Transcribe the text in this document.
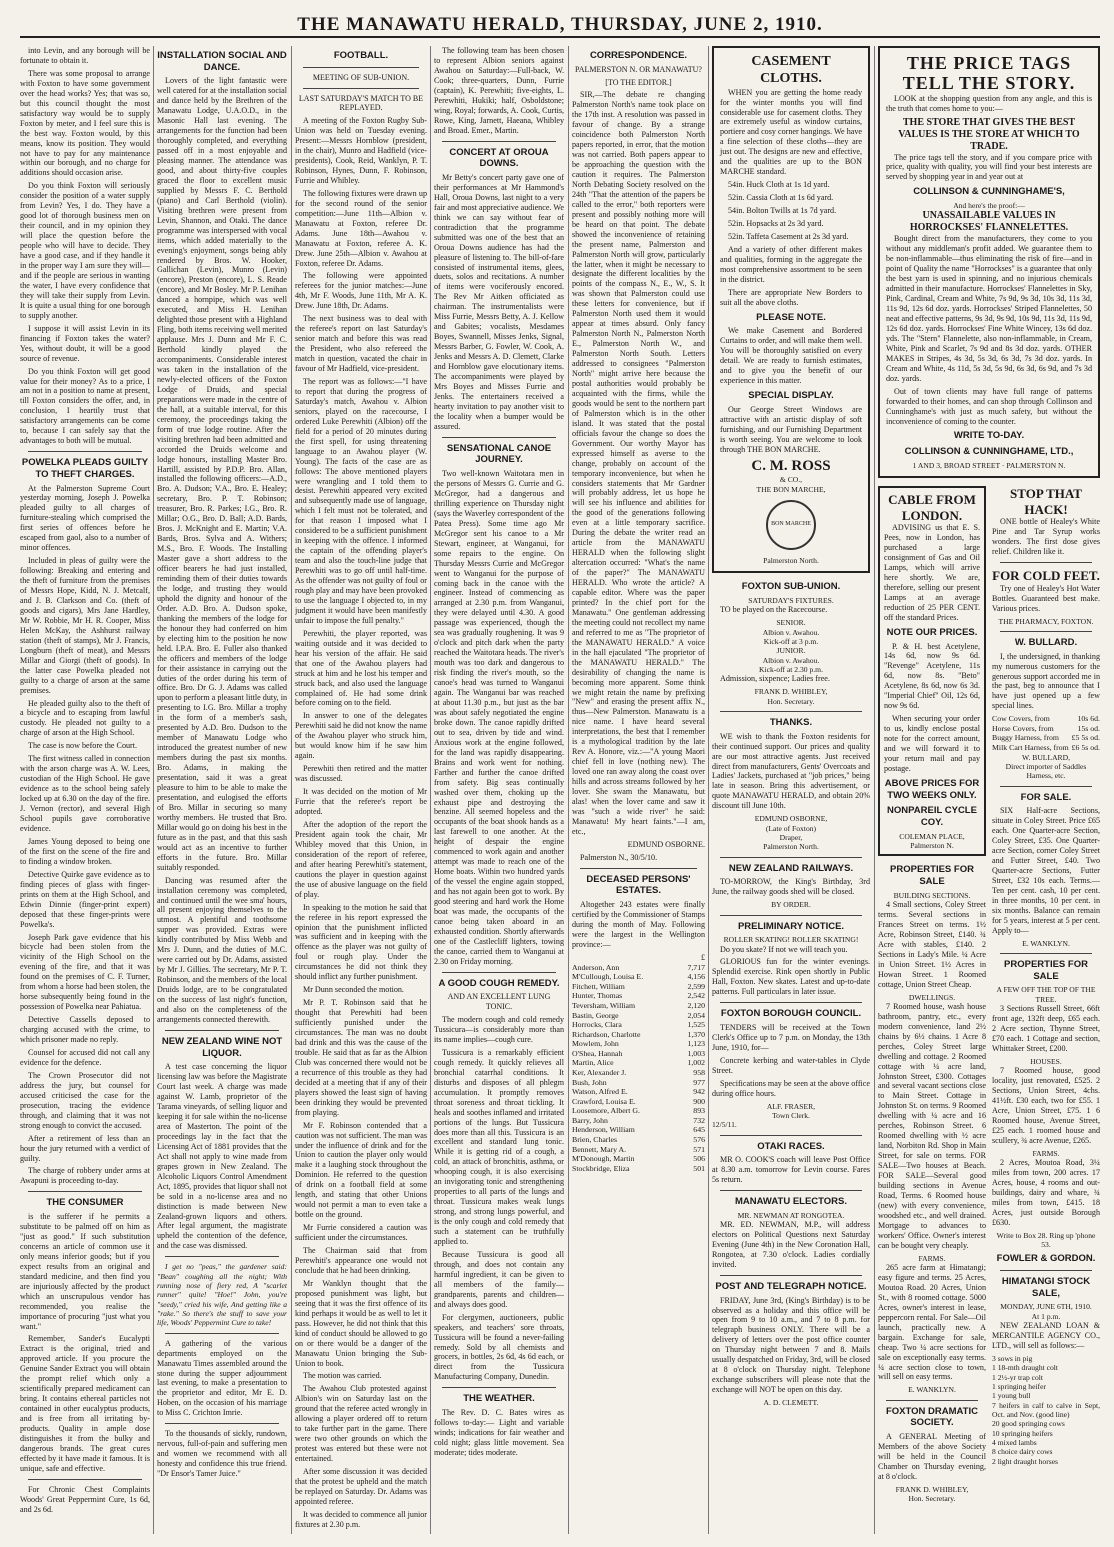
THE MANAWATU HERALD, THURSDAY, JUNE 2, 1910.

into Levin, and any borough will be fortunate to obtain it.

There was some proposal to arrange with Foxton to have some government over the head works? Yes; that was so, but this council thought the most satisfactory way would be to supply Foxton by meter, and I feel sure this is the best way. Foxton would, by this means, know its position. They would not have to pay for any maintenance within our borough, and no charge for additions should occasion arise.

Do you think Foxton will seriously consider the position of a water supply from Levin? Yes, I do. They have a good lot of thorough business men on their council, and in my opinion they will place the question before the people who will have to decide. They have a good case, and if they handle it in the proper way I am sure they will—and if the people are serious in wanting the water, I have every confidence that they will take their supply from Levin. It is quite a usual thing for one borough to supply another.

I suppose it will assist Levin in its financing if Foxton takes the water? Yes, without doubt, it will be a good source of revenue.

Do you think Foxton will get good value for their money? As to a price, I am not in a position to name at present, till Foxton considers the offer, and, in conclusion, I heartily trust that satisfactory arrangements can be come to, because I can safely say that the advantages to both will be mutual.

POWELKA PLEADS GUILTY TO THEFT CHARGES.

At the Palmerston Supreme Court yesterday morning, Joseph J. Powelka pleaded guilty to all charges of furniture-stealing which comprised the first series of offences before he escaped from gaol, also to a number of minor offences.

Included in pleas of guilty were the following: Breaking and entering and the theft of furniture from the premises of Messrs Hope, Kidd, N. J. Metcalf, and J. B. Clarkson and Co. (theft of goods and cigars), Mrs Jane Hardley, Mr W. Robbie, Mr H. R. Cooper, Miss Helen McKay, the Ashhurst railway station (theft of stamps), Mr J. Francis, Longburn (theft of meat), and Messrs Millar and Giorgi (theft of goods). In the latter case Powelka pleaded not guilty to a charge of arson at the same premises.

He pleaded guilty also to the theft of a bicycle and to escaping from lawful custody. He pleaded not guilty to a charge of arson at the High School.

The case is now before the Court.

The first witness called in connection with the arson charge was A. W. Lees, custodian of the High School. He gave evidence as to the school being safely locked up at 6.30 on the day of the fire. J. Vernon (rector), and several High School pupils gave corroborative evidence.

James Young deposed to being one of the first on the scene of the fire and to finding a window broken.

Detective Quirke gave evidence as to finding pieces of glass with finger-prints on them at the High School, and Edwin Dinnie (finger-print expert) deposed that these finger-prints were Powelka's.

Joseph Park gave evidence that his bicycle had been stolen from the vicinity of the High School on the evening of the fire, and that it was found on the premises of C. F. Turner, from whom a horse had been stolen, the horse subsequently being found in the possession of Powelka near Pahiatua.

Detective Cassells deposed to charging accused with the crime, to which prisoner made no reply.

Counsel for accused did not call any evidence for the defence.

The Crown Prosecutor did not address the jury, but counsel for accused criticised the case for the prosecution, tracing the evidence through, and claiming that it was not strong enough to convict the accused.

After a retirement of less than an hour the jury returned with a verdict of guilty.

The charge of robbery under arms at Awapuni is proceeding to-day.

THE CONSUMER

is the sufferer if he permits a substitute to be palmed off on him as "just as good." If such substitution concerns an article of common use it only means inferior goods; but if you expect results from an original and standard medicine, and then find you are injuriously affected by the product which an unscrupulous vendor has recommended, you realise the importance of procuring "just what you want."

Remember, Sander's Eucalypti Extract is the original, tried and approved article. If you procure the Genuine Sander Extract you will obtain the prompt relief which only a scientifically prepared medicament can bring. It contains ethereal particles not contained in other eucalyptus products, and is free from all irritating by-products. Quality in ample dose distinguishes it from the bulky and dangerous brands. The great cures effected by it have made it famous. It is unique, safe and effective.

For Chronic Chest Complaints Woods' Great Peppermint Cure, 1s 6d, and 2s 6d.

INSTALLATION SOCIAL AND DANCE.

Lovers of the light fantastic were well catered for at the installation social and dance held by the Brethren of the Manawatu Lodge, U.A.O.D., in the Masonic Hall last evening. The arrangements for the function had been thoroughly completed, and everything passed off in a most enjoyable and pleasing manner. The attendance was good, and about thirty-five couples graced the floor to excellent music supplied by Messrs F. C. Berthold (piano) and Carl Berthold (violin). Visiting brethren were present from Levin, Shannon, and Otaki. The dance programme was interspersed with vocal items, which added materially to the evening's enjoyment, songs being ably rendered by Bros. W. Hooker, Gallichan (Levin), Munro (Levin) (encore), Preston (encore), L. S. Reade (encore), and Mr Bosley. Mr P. Lenihan danced a hornpipe, which was well executed, and Miss H. Lenihan delighted those present with a Highland Fling, both items receiving well merited applause. Mrs J. Dunn and Mr F. C. Berthold kindly played the accompaniments. Considerable interest was taken in the installation of the newly-elected officers of the Foxton Lodge of Druids, and special preparations were made in the centre of the hall, at a suitable interval, for this ceremony, the proceedings taking the form of true lodge routine. After the visiting brethren had been admitted and accorded the Druids welcome and lodge honours, installing Master Bro. Hartill, assisted by P.D.P. Bro. Allan, installed the following officers:—A.D., Bro. A. Dudson; V.A., Bro. E. Healey; secretary, Bro. P. T. Robinson; treasurer, Bro. R. Parkes; I.G., Bro. R. Millar; O.G., Bro. D. Ball; A.D. Bards, Bros. J. McKnight and E. Martin; V.A. Bards, Bros. Sylva and A. Withers; M.S., Bro. F. Woods. The Installing Master gave a short address to the officer bearers he had just installed, reminding them of their duties towards the lodge, and trusting they would uphold the dignity and honour of the Order. A.D. Bro. A. Dudson spoke, thanking the members of the lodge for the honour they had conferred on him by electing him to the position he now held. I.P.A. Bro. E. Fuller also thanked the officers and members of the lodge for their assistance in carrying out the duties of the order during his term of office. Bro. Dr G. J. Adams was called upon to perform a pleasant little duty, in presenting to I.G. Bro. Millar a trophy in the form of a member's sash, presented by A.D. Bro. Dudson to the member of Manawatu Lodge who introduced the greatest number of new members during the past six months. Bro. Adams, in making the presentation, said it was a great pleasure to him to be able to make the presentation, and eulogised the efforts of Bro. Millar in securing so many worthy members. He trusted that Bro. Millar would go on doing his best in the future as in the past, and that this sash would act as an incentive to further efforts in the future. Bro. Millar suitably responded.

Dancing was resumed after the installation ceremony was completed, and continued until the wee sma' hours, all present enjoying themselves to the utmost. A plentiful and toothsome supper was provided. Extras were kindly contributed by Miss Webb and Mrs J. Dunn, and the duties of M.C. were carried out by Dr. Adams, assisted by Mr J. Gillies. The secretary, Mr P. T. Robinson, and the members of the local Druids lodge, are to be congratulated on the success of last night's function, and also on the completeness of the arrangements connected therewith.

NEW ZEALAND WINE NOT LIQUOR.

A test case concerning the liquor licensing law was before the Magistrate Court last week. A charge was made against W. Lamb, proprietor of the Tarama vineyards, of selling liquor and keeping it for sale within the no-license area of Masterton. The point of the proceedings lay in the fact that the Licensing Act of 1881 provides that the Act shall not apply to wine made from grapes grown in New Zealand. The Alcoholic Liquors Control Amendment Act, 1895, provides that liquor shall not be sold in a no-license area and no distinction is made between New Zealand-grown liquors and others. After legal argument, the magistrate upheld the contention of the defence, and the case was dismissed.

I get no "peas," the gardener said: "Bean" coughing all the night; With running nose of fiery red, A "scarlet runner" quite! "Hoe!" John, you're "seedy," cried his wife, And getting like a "rake." So there's the stuff to save your life, Woods' Peppermint Cure to take!

A gathering of the various departments employed on the Manawatu Times assembled around the stone during the supper adjournment last evening, to make a presentation to the proprietor and editor, Mr E. D. Hoben, on the occasion of his marriage to Miss C. Crichton Imrie.

To the thousands of sickly, rundown, nervous, full-of-pain and suffering men and women we recommend with all honesty and confidence this true friend. "Dr Ensor's Tamer Juice."

FOOTBALL.
MEETING OF SUB-UNION.
LAST SATURDAY'S MATCH TO BE REPLAYED.

A meeting of the Foxton Rugby Sub-Union was held on Tuesday evening. Present:—Messrs Hornblow (president, in the chair), Munro and Hadfield (vice-presidents), Cook, Reid, Wanklyn, P. T. Robinson, Hynes, Dunn, F. Robinson, Furrie and Whibley.

The following fixtures were drawn up for the second round of the senior competition:—June 11th—Albion v. Manawatu at Foxton, referee Dr. Adams. June 18th—Awahou v. Manawatu at Foxton, referee A. K. Drew. June 25th—Albion v. Awahou at Foxton, referee Dr. Adams.

The following were appointed referees for the junior matches:—June 4th, Mr F. Woods, June 11th, Mr A. K. Drew. June 18th, Dr. Adams.

The next business was to deal with the referee's report on last Saturday's senior match and before this was read the President, who also refereed the match in question, vacated the chair in favour of Mr Hadfield, vice-president.

The report was as follows:—"I have to report that during the progress of Saturday's match, Awahou v. Albion seniors, played on the racecourse, I ordered Luke Perewhiti (Albion) off the field for a period of 20 minutes during the first spell, for using threatening language to an Awahou player (W. Young). The facts of the case are as follows: The above mentioned players were wrangling and I told them to desist. Perewhiti appeared very excited and subsequently made use of language, which I felt must not be tolerated, and for that reason I imposed what I considered to be a sufficient punishment in keeping with the offence. I informed the captain of the offending player's team and also the touch-line judge that Perewhiti was to go off until half-time. As the offender was not guilty of foul or rough play and may have been provoked to use the language I objected to, in my judgment it would have been manifestly unfair to impose the full penalty."

Perewhiti, the player reported, was waiting outside and it was decided to hear his version of the affair. He said that one of the Awahou players had struck at him and he lost his temper and struck back, and also used the language complained of. He had some drink before coming on to the field.

In answer to one of the delegates Perewhiti said he did not know the name of the Awahou player who struck him, but would know him if he saw him again.

Perewhiti then retired and the matter was discussed.

It was decided on the motion of Mr Furrie that the referee's report be adopted.

After the adoption of the report the President again took the chair, Mr Whibley moved that this Union, in consideration of the report of referee, and after hearing Perewhiti's statement, cautions the player in question against the use of abusive language on the field of play.

In speaking to the motion he said that the referee in his report expressed the opinion that the punishment inflicted was sufficient and in keeping with the offence as the player was not guilty of foul or rough play. Under the circumstances he did not think they should inflict any further punishment.

Mr Dunn seconded the motion.

Mr P. T. Robinson said that he thought that Perewhiti had been sufficiently punished under the circumstances. The man was no doubt bad drink and this was the cause of the trouble. He said that as far as the Albion Club was concerned there would not be a recurrence of this trouble as they had decided at a meeting that if any of their players showed the least sign of having been drinking they would be prevented from playing.

Mr F. Robinson contended that a caution was not sufficient. The man was under the influence of drink and for the Union to caution the player only would make it a laughing stock throughout the Dominion. He referred to the question of drink on a football field at some length, and stating that other Unions would not permit a man to even take a bottle on the ground.

Mr Furrie considered a caution was sufficient under the circumstances.

The Chairman said that from Perewhiti's appearance one would not conclude that he had been drinking.

Mr Wanklyn thought that the proposed punishment was light, but seeing that it was the first offence of its kind perhaps it would be as well to let it pass. However, he did not think that this kind of conduct should be allowed to go on or there would be a danger of the Manawatu Union bringing the Sub-Union to book.

The motion was carried.

The Awahou Club protested against Albion's win on Saturday last on the ground that the referee acted wrongly in allowing a player ordered off to return to take further part in the game. There were two other grounds on which the protest was entered but these were not entertained.

After some discussion it was decided that the protest be upheld and the match be replayed on Saturday. Dr. Adams was appointed referee.

It was decided to commence all junior fixtures at 2.30 p.m.

The following team has been chosen to represent Albion seniors against Awahou on Saturday:—Full-back, W. Cook; three-quarters, Dunn, Furrie (captain), K. Perewhiti; five-eights, L. Perewhiti, Hukiki; half, Osboldstone; wing, Royal; forwards, A. Cook, Curtis, Rowe, King, Jarnett, Haeana, Whibley and Broad. Emer., Martin.

CONCERT AT OROUA DOWNS.

Mr Betty's concert party gave one of their performances at Mr Hammond's Hall, Oroua Downs, last night to a very fair and most appreciative audience. We think we can say without fear of contradiction that the programme submitted was one of the best that an Oroua Downs audience has had the pleasure of listening to. The bill-of-fare consisted of instrumental items, glees, duets, solos and recitations. A number of items were vociferously encored. The Rev Mr Aitken officiated as chairman. The instrumentalists were Miss Furrie, Messrs Betty, A. J. Kellow and Gabites; vocalists, Mesdames Boyes, Swannell, Misses Jenks, Signal, Messrs Barber, G. Fowler, W. Cook, A. Jenks and Messrs A. D. Clemett, Clarke and Hornblow gave elocutionary items. The accompaniments were played by Mrs Boyes and Misses Furrie and Jenks. The entertainers received a hearty invitation to pay another visit to the locality when a bumper would be assured.

SENSATIONAL CANOE JOURNEY.

Two well-known Waitotara men in the persons of Messrs G. Currie and G. McGregor, had a dangerous and thrilling experience on Thursday night (says the Waverley correspondent of the Patea Press). Some time ago Mr McGregor sent his canoe to a Mr Stewart, engineer, at Wanganui, for some repairs to the engine. On Thursday Messrs Currie and McGregor went to Wanganui for the purpose of coming back in the canoe with the engineer. Instead of commencing as arranged at 2.30 p.m. from Wanganui, they were delayed until 4.30. A good passage was experienced, though the sea was gradually roughening. It was 9 o'clock and pitch dark when the party reached the Waitotara heads. The river's mouth was too dark and dangerous to risk finding the river's mouth, so the canoe's head was turned to Wanganui again. The Wanganui bar was reached at about 11.30 p.m., but just as the bar was about safely negotiated the engine broke down. The canoe rapidly drifted out to sea, driven by tide and wind. Anxious work at the engine followed, for the land was rapidly disappearing. Brains and work went for nothing. Farther and further the canoe drifted from safety. Big seas continually washed over them, choking up the exhaust pipe and destroying the benzine. All seemed hopeless and the occupants of the boat shook hands as a last farewell to one another. At the height of despair the engine commenced to work again and another attempt was made to reach one of the Home boats. Within two hundred yards of the vessel the engine again stopped, and has not again been got to work. By good steering and hard work the Home boat was made, the occupants of the canoe being taken aboard in an exhausted condition. Shortly afterwards one of the Castlecliff lighters, towing the canoe, carried them to Wanganui at 2.30 on Friday morning.

A GOOD COUGH REMEDY.
AND AN EXCELLENT LUNG TONIC.

The modern cough and cold remedy Tussicura—is considerably more than its name implies—cough cure.

Tussicura is a remarkably efficient cough remedy. It quickly relieves all bronchial catarrhal conditions. It disturbs and disposes of all phlegm accumulation. It promptly removes throat soreness and throat tickling. It heals and soothes inflamed and irritated portions of the lungs. But Tussicura does more than all this. Tussicura is an excellent and standard lung tonic. While it is getting rid of a cough, a cold, an attack of bronchitis, asthma, or whooping cough, it is also exercising an invigorating tonic and strengthening properties to all parts of the lungs and throat. Tussicura makes weak lungs strong, and strong lungs powerful, and is the only cough and cold remedy that such a statement can be truthfully applied to.

Because Tussicura is good all through, and does not contain any harmful ingredient, it can be given to all members of the family—grandparents, parents and children—and always does good.

For clergymen, auctioneers, public speakers, and teachers' sore throats, Tussicura will be found a never-failing remedy. Sold by all chemists and grocers, in bottles, 2s 6d, 4s 6d each, or direct from the Tussicura Manufacturing Company, Dunedin.

THE WEATHER.

The Rev. D. C. Bates wires as follows to-day:— Light and variable winds; indications for fair weather and cold night; glass little movement. Sea moderate; tides moderate.

CORRESPONDENCE.
PALMERSTON N. OR MANAWATU?
[TO THE EDITOR.]

SIR,—The debate re changing Palmerston North's name took place on the 17th inst. A resolution was passed in favour of change. By a strange coincidence both Palmerston North papers reported, in error, that the motion was not carried. Both papers appear to be approaching the question with the caution it requires. The Palmerston North Debating Society resolved on the 24th "That the attention of the papers be called to the error," both reporters were present and possibly nothing more will be heard on that point. The debate showed the inconvenience of retaining the present name, Palmerston and Palmerston North will grow, particularly the latter, when it might be necessary to designate the different localities by the points of the compass N., E., W., S. It was shown that Palmerston could use these letters for convenience, but if Palmerston North used them it would appear at times absurd. Only fancy Palmerston North N., Palmerston North E., Palmerston North W., and Palmerston North South. Letters addressed to consignees "Palmerston North" might arrive here because the postal authorities would probably be acquainted with the firms, while the goods would be sent to the northern part of Palmerston which is in the other island. It was stated that the postal officials favour the change so does the Government. Our worthy Mayor has expressed himself as averse to the change, probably on account of the temporary inconvenience, but when he considers statements that Mr Gardner will probably address, let us hope he will see his influence and abilities for the good of the generations following even at a little temporary sacrifice. During the debate the writer read an article from the MANAWATU HERALD when the following slight altercation occurred: "What's the name of the paper?" The MANAWATU HERALD. Who wrote the article? A capable editor. Where was the paper printed? In the chief port for the Manawatu." One gentleman addressing the meeting could not recollect my name and referred to me as "The proprietor of the MANAWATU HERALD." A voice in the hall ejaculated "The proprietor of the MANAWATU HERALD." The desirability of changing the name is becoming more apparent. Some think we might retain the name by prefixing "New" and erasing the present affix N., thus—New Palmerston. Manawatu is a nice name. I have heard several interpretations, the best that I remember is a mythological tradition by the late Rev A. Honore, viz.:—"A young Maori chief fell in love (nothing new). The loved one ran away along the coast over hills and across streams followed by her lover. She swam the Manawatu, but alas! when the lover came and saw it was "such a wide river" he said: Manawatu! My heart faints."—I am, etc.,

EDMUND OSBORNE.

Palmerston N., 30/5/10.

DECEASED PERSONS' ESTATES.

Altogether 243 estates were finally certified by the Commissioner of Stamps during the month of May. Following were the largest in the Wellington province:—

£
Anderson, Ann	7,717
M'Cullough, Louisa E.	4,156
Fitchett, William	2,599
Hunter, Thomas	2,542
Teversham, William	2,120
Bastin, George	2,054
Horrocks, Clara	1,525
Richardson, Charlotte	1,370
Mowlem, John	1,123
O'Shea, Hannah	1,003
Martin, Alice	1,002
Ker, Alexander J.	958
Bush, John	977
Watson, Alfred E.	942
Crawford, Louisa E.	900
Loosemore, Albert G.	893
Barry, John	732
Henderson, William	645
Brien, Charles	576
Bennett, Mary A.	571
M'Donough, Martin	506
Stockbridge, Eliza	501
CASEMENT CLOTHS.

WHEN you are getting the home ready for the winter months you will find considerable use for casement cloths. They are extremely useful as window curtains, portiere and cosy corner hangings. We have a fine selection of these cloths—they are just out. The designs are new and effective, and the qualities are up to the BON MARCHE standard.

54in. Huck Cloth at 1s 1d yard.

52in. Cassia Cloth at 1s 6d yard.

54in. Bolton Twills at 1s 7d yard.

52in. Hopsacks at 2s 3d yard.

52in. Taffeta Casement at 2s 3d yard.

And a variety of other different makes and qualities, forming in the aggregate the most comprehensive assortment to be seen in the district.

There are appropriate New Borders to suit all the above cloths.

PLEASE NOTE.

We make Casement and Bordered Curtains to order, and will make them well. You will be thoroughly satisfied on every detail. We are ready to furnish estimates, and to give you the benefit of our experience in this matter.

SPECIAL DISPLAY.

Our George Street Windows are attractive with an artistic display of soft furnishing, and our Furnishing Department is worth seeing. You are welcome to look through THE BON MARCHE.

C. M. ROSS
& CO.,
THE BON MARCHE,
BON MARCHE
Palmerston North.
FOXTON SUB-UNION.
SATURDAY'S FIXTURES.

TO be played on the Racecourse.

SENIOR.
Albion v. Awahou.
Kick-off at 3 p.m.
JUNIOR.
Albion v. Awahou.
Kick-off at 2.30 p.m.

Admission, sixpence; Ladies free.

FRANK D. WHIBLEY,
Hon. Secretary.
THANKS.

WE wish to thank the Foxton residents for their continued support. Our prices and quality are our most attractive agents. Just received direct from manufacturers, Gents' Overcoats and Ladies' Jackets, purchased at "job prices," being late in season. Bring this advertisement, or quote MANAWATU HERALD, and obtain 20% discount till June 10th.

EDMUND OSBORNE,
(Late of Foxton)
Draper,
Palmerston North.
NEW ZEALAND RAILWAYS.

TO-MORROW, the King's Birthday, 3rd June, the railway goods shed will be closed.

BY ORDER.
PRELIMINARY NOTICE.
ROLLER SKATING! ROLLER SKATING!

Do you skate? If not we will teach you.

GLORIOUS fun for the winter evenings. Splendid exercise. Rink open shortly in Public Hall, Foxton. New skates. Latest and up-to-date patterns. Full particulars in later issue.

FOXTON BOROUGH COUNCIL.

TENDERS will be received at the Town Clerk's Office up to 7 p.m. on Monday, the 13th June, 1910, for—

Concrete kerbing and water-tables in Clyde Street.

Specifications may be seen at the above office during office hours.

ALF. FRASER,
Town Clerk.
12/5/11.
OTAKI RACES.

MR O. COOK'S coach will leave Post Office at 8.30 a.m. tomorrow for Levin course. Fares 5s return.

MANAWATU ELECTORS.
MR. NEWMAN AT RONGOTEA.

MR. ED. NEWMAN, M.P., will address electors on Political Questions next Saturday Evening (June 4th) in the New Coronation Hall, Rongotea, at 7.30 o'clock. Ladies cordially invited.

POST AND TELEGRAPH NOTICE.

FRIDAY, June 3rd, (King's Birthday) is to be observed as a holiday and this office will be open from 9 to 10 a.m., and 7 to 8 p.m. for telegraph business ONLY. There will be a delivery of letters over the post office counter on Thursday night between 7 and 8. Mails usually despatched on Friday, 3rd, will be closed at 8 o'clock on Thursday night. Telephone exchange subscribers will please note that the exchange will NOT be open on this day.

A. D. CLEMETT.
THE PRICE TAGS TELL THE STORY.

LOOK at the shopping question from any angle, and this is the truth that comes home to you:—

THE STORE THAT GIVES THE BEST VALUES IS THE STORE AT WHICH TO TRADE.

The price tags tell the story, and if you compare price with price, quality with quality, you will find your best interests are served by shopping year in and year out at

COLLINSON & CUNNINGHAME'S,
And here's the proof:—
UNASSAILABLE VALUES IN HORROCKSES' FLANNELETTES.

Bought direct from the manufacturers, they come to you without any middleman's profit added. We guarantee them to be non-inflammable—thus eliminating the risk of fire—and in point of Quality the name "Horrockses" is a guarantee that only the best yarn is used in spinning, and no injurious chemicals admitted in their manufacture. Horrockses' Flannelettes in Sky, Pink, Cardinal, Cream and White, 7s 9d, 9s 3d, 10s 3d, 11s 3d, 11s 9d, 12s 6d doz. yards. Horrockses' Striped Flannelettes, 50 neat and effective patterns, 9s 3d, 9s 9d, 10s 9d, 11s 3d, 11s 9d, 12s 6d doz. yards. Horrockses' Fine White Wincey, 13s 6d doz. yds. The "Stern" Flannelette, also non-inflammable, in Cream, White, Pink and Scarlet, 7s 9d and 8s 3d doz. yards. OTHER MAKES in Stripes, 4s 3d, 5s 3d, 6s 3d, 7s 3d doz. yards. In Cream and White, 4s 11d, 5s 3d, 5s 9d, 6s 3d, 6s 9d, and 7s 3d doz. yards.

Out of town clients may have full range of patterns forwarded to their homes, and can shop through Collinson and Cunninghame's with just as much safety, but without the inconvenience of coming to the counter.

WRITE TO-DAY.
COLLINSON & CUNNINGHAME, LTD.,
1 AND 3, BROAD STREET · PALMERSTON N.
CABLE FROM LONDON.

ADVISING us that E. S. Pees, now in London, has purchased a large consignment of Gas and Oil Lamps, which will arrive here shortly. We are, therefore, selling our present Lamps at an average reduction of 25 PER CENT. off the standard Prices.

NOTE OUR PRICES.

P. & H. best Acetylene, 14s 6d, now 9s 6d. "Revenge" Acetylene, 11s 6d, now 8s. "Beto" Acetylene, 8s 6d, now 6s 3d. "Imperial Chief" Oil, 12s 6d, now 9s 6d.

When securing your order to us, kindly enclose postal note for the correct amount, and we will forward it to your return mail and pay postage.

ABOVE PRICES FOR TWO WEEKS ONLY.
NONPAREIL CYCLE COY.
COLEMAN PLACE, Palmerston N.
PROPERTIES FOR SALE
BUILDING SECTIONS.

4 Small sections, Coley Street terms. Several sections in Frances Street on terms. 1½ Acre, Robinson Street, £140. ¾ Acre with stables, £140. 2 Sections in Lady's Mile. ¼ Acre in Union Street. 1½ Acres in Howan Street. 1 Roomed cottage, Union Street Cheap.

DWELLINGS.

7 Roomed house, wash house bathroom, pantry, etc., every modern convenience, land 2½ chains by 6½ chains. 1 Acre 8 perches, Coley Street large dwelling and cottage. 2 Roomed cottage with ¼ acre land, Johnston Street, £300. Cottages and several vacant sections close to Main Street. Cottage in Johnston St. on terms. 9 Roomed dwelling with ¼ acre and 16 perches, Robinson Street. 6 Roomed dwelling with ½ acre land, Norbiton Rd. Shop in Main Street, for sale on terms. FOR SALE—Two houses at Beach. FOR SALE—Several good building sections in Avenue Road, Terms. 6 Roomed house (new) with every convenience, woodshed etc., and well drained. Mortgage to advances to workers' Office. Owner's interest can be bought very cheaply.

FARMS.

265 acre farm at Himatangi; easy figure and terms. 25 Acres, Moutoa Road. 20 Acres, Union St., with 8 roomed cottage. 5000 Acres, owner's interest in lease, peppercorn rental. For Sale—Oil launch, practically new. A bargain. Exchange for sale, cheap. Two ¼ acre sections for sale on exceptionally easy terms. ¼ acre section close to town, will sell on easy terms.

E. WANKLYN.
FOXTON DRAMATIC SOCIETY.

A GENERAL Meeting of Members of the above Society will be held in the Council Chamber on Thursday evening, at 8 o'clock.

FRANK D. WHIBLEY,
Hon. Secretary.
STOP THAT HACK!

ONE bottle of Healey's White Pine and Tar Syrup works wonders. The first dose gives relief. Children like it.

FOR COLD FEET.

Try one of Healey's Hot Water Bottles. Guaranteed best make. Various prices.

THE PHARMACY, FOXTON.
W. BULLARD.

I, the undersigned, in thanking my numerous customers for the generous support accorded me in the past, beg to announce that I have just opened up a few special lines.

Cow Covers, from	10s 6d.
Horse Covers, from	15s od.
Buggy Harness, from £5 5s od.
Milk Cart Harness, from £6 5s od.
W. BULLARD,
Direct importer of Saddles Harness, etc.
FOR SALE.

SIX Half-acre Sections, situate in Coley Street. Price £65 each. One Quarter-acre Section, Coley Street, £35. One Quarter-acre Section, corner Coley Street and Futter Street, £40. Two Quarter-acre Sections, Futter Street, £32 10s each. Terms.—Ten per cent. cash, 10 per cent. in three months, 10 per cent. in six months. Balance can remain for 5 years, interest at 5 per cent. Apply to—

E. WANKLYN.
PROPERTIES FOR SALE
A FEW OFF THE TOP OF THE TREE.

3 Sections Russell Street, 66ft front age, 132ft deep, £65 each. 2 Acre section, Thynne Street, £70 each. 1 Cottage and section, Whittaker Street, £200.

HOUSES.

7 Roomed house, good locality, just renovated, £525. 2 Sections, Union Street, 4chs. 41½ft. £30 each, two for £55. 1 Acre, Union Street, £75. 1 6 Roomed house, Avenue Street, £25 each. 1 roomed house and scullery, ¾ acre Avenue, £265.

FARMS.

2 Acres, Moutoa Road, 3¼ miles from town, 200 acres. 17 Acres, house, 4 rooms and out-buildings, dairy and whare, ¾ miles from town, £415. 18 Acres, just outside Borough £630.

Write to Box 28. Ring up 'phone 53.
FOWLER & GORDON.
HIMATANGI STOCK SALE,
MONDAY, JUNE 6TH, 1910.
At 1 p.m.

NEW ZEALAND LOAN & MERCANTILE AGENCY CO., LTD., will sell as follows:—

3 sows in pig
1 18-mth draught colt
1 2½-yr trap colt
1 springing heifer
1 young bull
7 heifers in calf to calve in Sept, Oct. and Nov. (good line)
20 good springing cows
10 springing heifers
4 mixed lambs
8 choice dairy cows
2 light draught horses
